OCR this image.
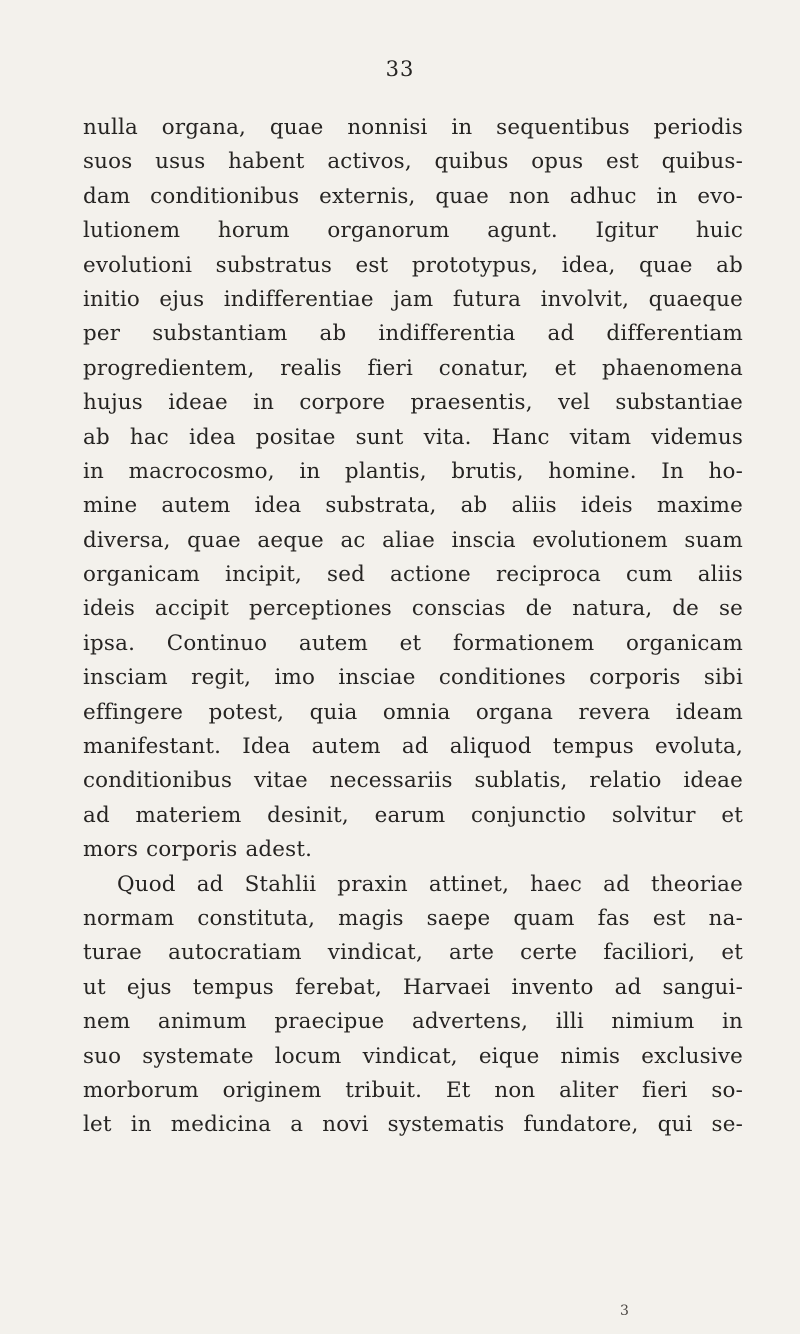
33
nulla organa, quae nonnisi in sequentibus periodis
suos usus habent activos, quibus opus est quibus-
dam conditionibus externis, quae non adhuc in evo-
lutionem horum organorum agunt. Igitur huic
evolutioni substratus est prototypus, idea, quae ab
initio ejus indifferentiae jam futura involvit, quaeque
per substantiam ab indifferentia ad differentiam
progredientem, realis fieri conatur, et phaenomena
hujus ideae in corpore praesentis, vel substantiae
ab hac idea positae sunt vita. Hanc vitam videmus
in macrocosmo, in plantis, brutis, homine. In ho-
mine autem idea substrata, ab aliis ideis maxime
diversa, quae aeque ac aliae inscia evolutionem suam
organicam incipit, sed actione reciproca cum aliis
ideis accipit perceptiones conscias de natura, de se
ipsa. Continuo autem et formationem organicam
insciam regit, imo insciae conditiones corporis sibi
effingere potest, quia omnia organa revera ideam
manifestant. Idea autem ad aliquod tempus evoluta,
conditionibus vitae necessariis sublatis, relatio ideae
ad materiem desinit, earum conjunctio solvitur et
mors corporis adest.
Quod ad Stahlii praxin attinet, haec ad theoriae
normam constituta, magis saepe quam fas est na-
turae autocratiam vindicat, arte certe faciliori, et
ut ejus tempus ferebat, Harvaei invento ad sangui-
nem animum praecipue advertens, illi nimium in
suo systemate locum vindicat, eique nimis exclusive
morborum originem tribuit. Et non aliter fieri so-
let in medicina a novi systematis fundatore, qui se-
3
